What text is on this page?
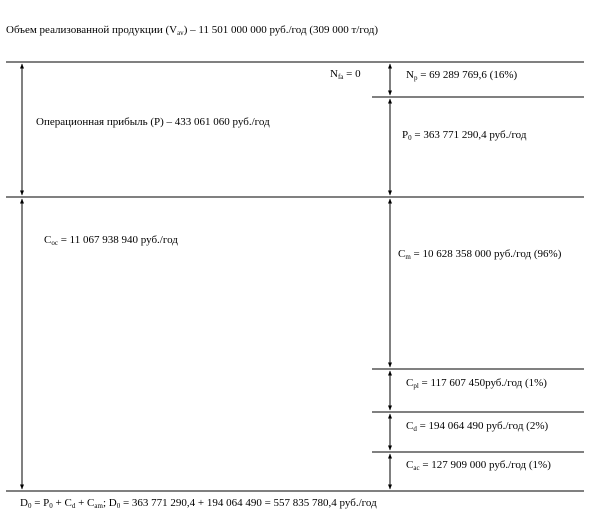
Объем реализованной продукции $(V_{av}) - 11$ 501 000 000 руб./год (309 000 т/год)
Операционная прибыль (P) – 433 061 060 руб./год
$C_{oc} = 11$ 067 938 940 руб./год
$N_{fa} = 0$	$N_p = 69$ 289 769,6 (16%)
$P_0 = 363$ 771 290,4 руб./год
$C_m = 10$ 628 358 000 руб./год (96%)
$C_{pl} = 117$ 607 450руб./год (1%)
$C_d = 194$ 064 490 руб./год (2%)
$C_{ac} = 127$ 909 000 руб./год (1%)
$D_0 = P_0 + C_d + C_{am}$; $D_0 = 363$ 771 290,4 + 194 064 490 = 557 835 780,4 руб./год
